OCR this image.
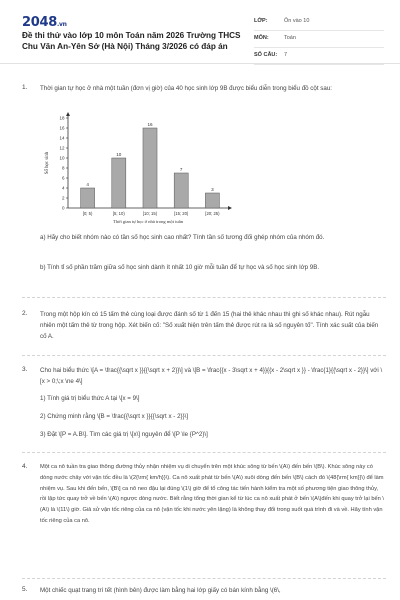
2048.vn
Đề thi thử vào lớp 10 môn Toán năm 2026 Trường THCS Chu Văn An-Yên Sở (Hà Nội) Tháng 3/2026 có đáp án
LỚP:	Ôn vào 10
MÔN:	Toán
SỐ CÂU: 7
1. Thời gian tự học ở nhà một tuần (đơn vị giờ) của 40 học sinh lớp 9B được biểu diễn trong biểu đồ cột sau:
0
2
4
6
8
10
12
14
16
18
4
[0; 5)
10
[5; 10)
16
[10; 15)
7
[15; 20)
3
[20; 25)
Thời gian tự học ở nhà trong một tuần
Số học sinh
a) Hãy cho biết nhóm nào có tần số học sinh cao nhất? Tính tần số tương đối ghép nhóm của nhóm đó.
b) Tính tỉ số phần trăm giữa số học sinh dành ít nhất 10 giờ mỗi tuần để tự học và số học sinh lớp 9B.
2. Trong một hộp kín có 15 tấm thẻ cùng loại được đánh số từ 1 đến 15 (hai thẻ khác nhau thì ghi số khác nhau). Rút ngẫu nhiên một tấm thẻ từ trong hộp. Xét biến cố: "Số xuất hiện trên tấm thẻ được rút ra là số nguyên tố". Tính xác suất của biến cố A.
3. Cho hai biểu thức \[A = \frac{{\sqrt x }}{{\sqrt x + 2}}\] và \[B = \frac{{x - 3\sqrt x + 4}}{{x - 2\sqrt x }} - \frac{1}{{\sqrt x - 2}}\] với \[x > 0;\;x \ne 4\]
1) Tính giá trị biểu thức A tại \[x = 9\]
2) Chứng minh rằng \[B = \frac{{\sqrt x }}{{\sqrt x - 2}}\]
3) Đặt \[P = A.B\]. Tìm các giá trị \[x\] nguyên để \[P \le {P^2}\]
4. Một ca nô tuần tra giao thông đường thủy nhận nhiệm vụ di chuyển trên một khúc sông từ bến \(A\) đến bến \(B\). Khúc sông này có dòng nước chảy với vận tốc đều là \(2{\rm{ km/h}}\). Ca nô xuất phát từ bến \(A\) xuôi dòng đến bến \(B\) cách đó \(48{\rm{ km}}\) để làm nhiệm vụ. Sau khi đến bến, \[B\] ca nô neo đậu lại đúng \(1\) giờ để tổ công tác tiến hành kiểm tra một số phương tiện giao thông thủy, rồi lập tức quay trở về bến \(A\) ngược dòng nước. Biết rằng tổng thời gian kể từ lúc ca nô xuất phát ở bến \(A\)đến khi quay trở lại bến \(A\) là \(11\) giờ. Giả sử vận tốc riêng của ca nô (vận tốc khi nước yên lặng) là không thay đổi trong suốt quá trình đi và về. Hãy tính vận tốc riêng của ca nô.
5. Một chiếc quạt trang trí tết (hình bên) được làm bằng hai lớp giấy có bán kính bằng \(6\,
